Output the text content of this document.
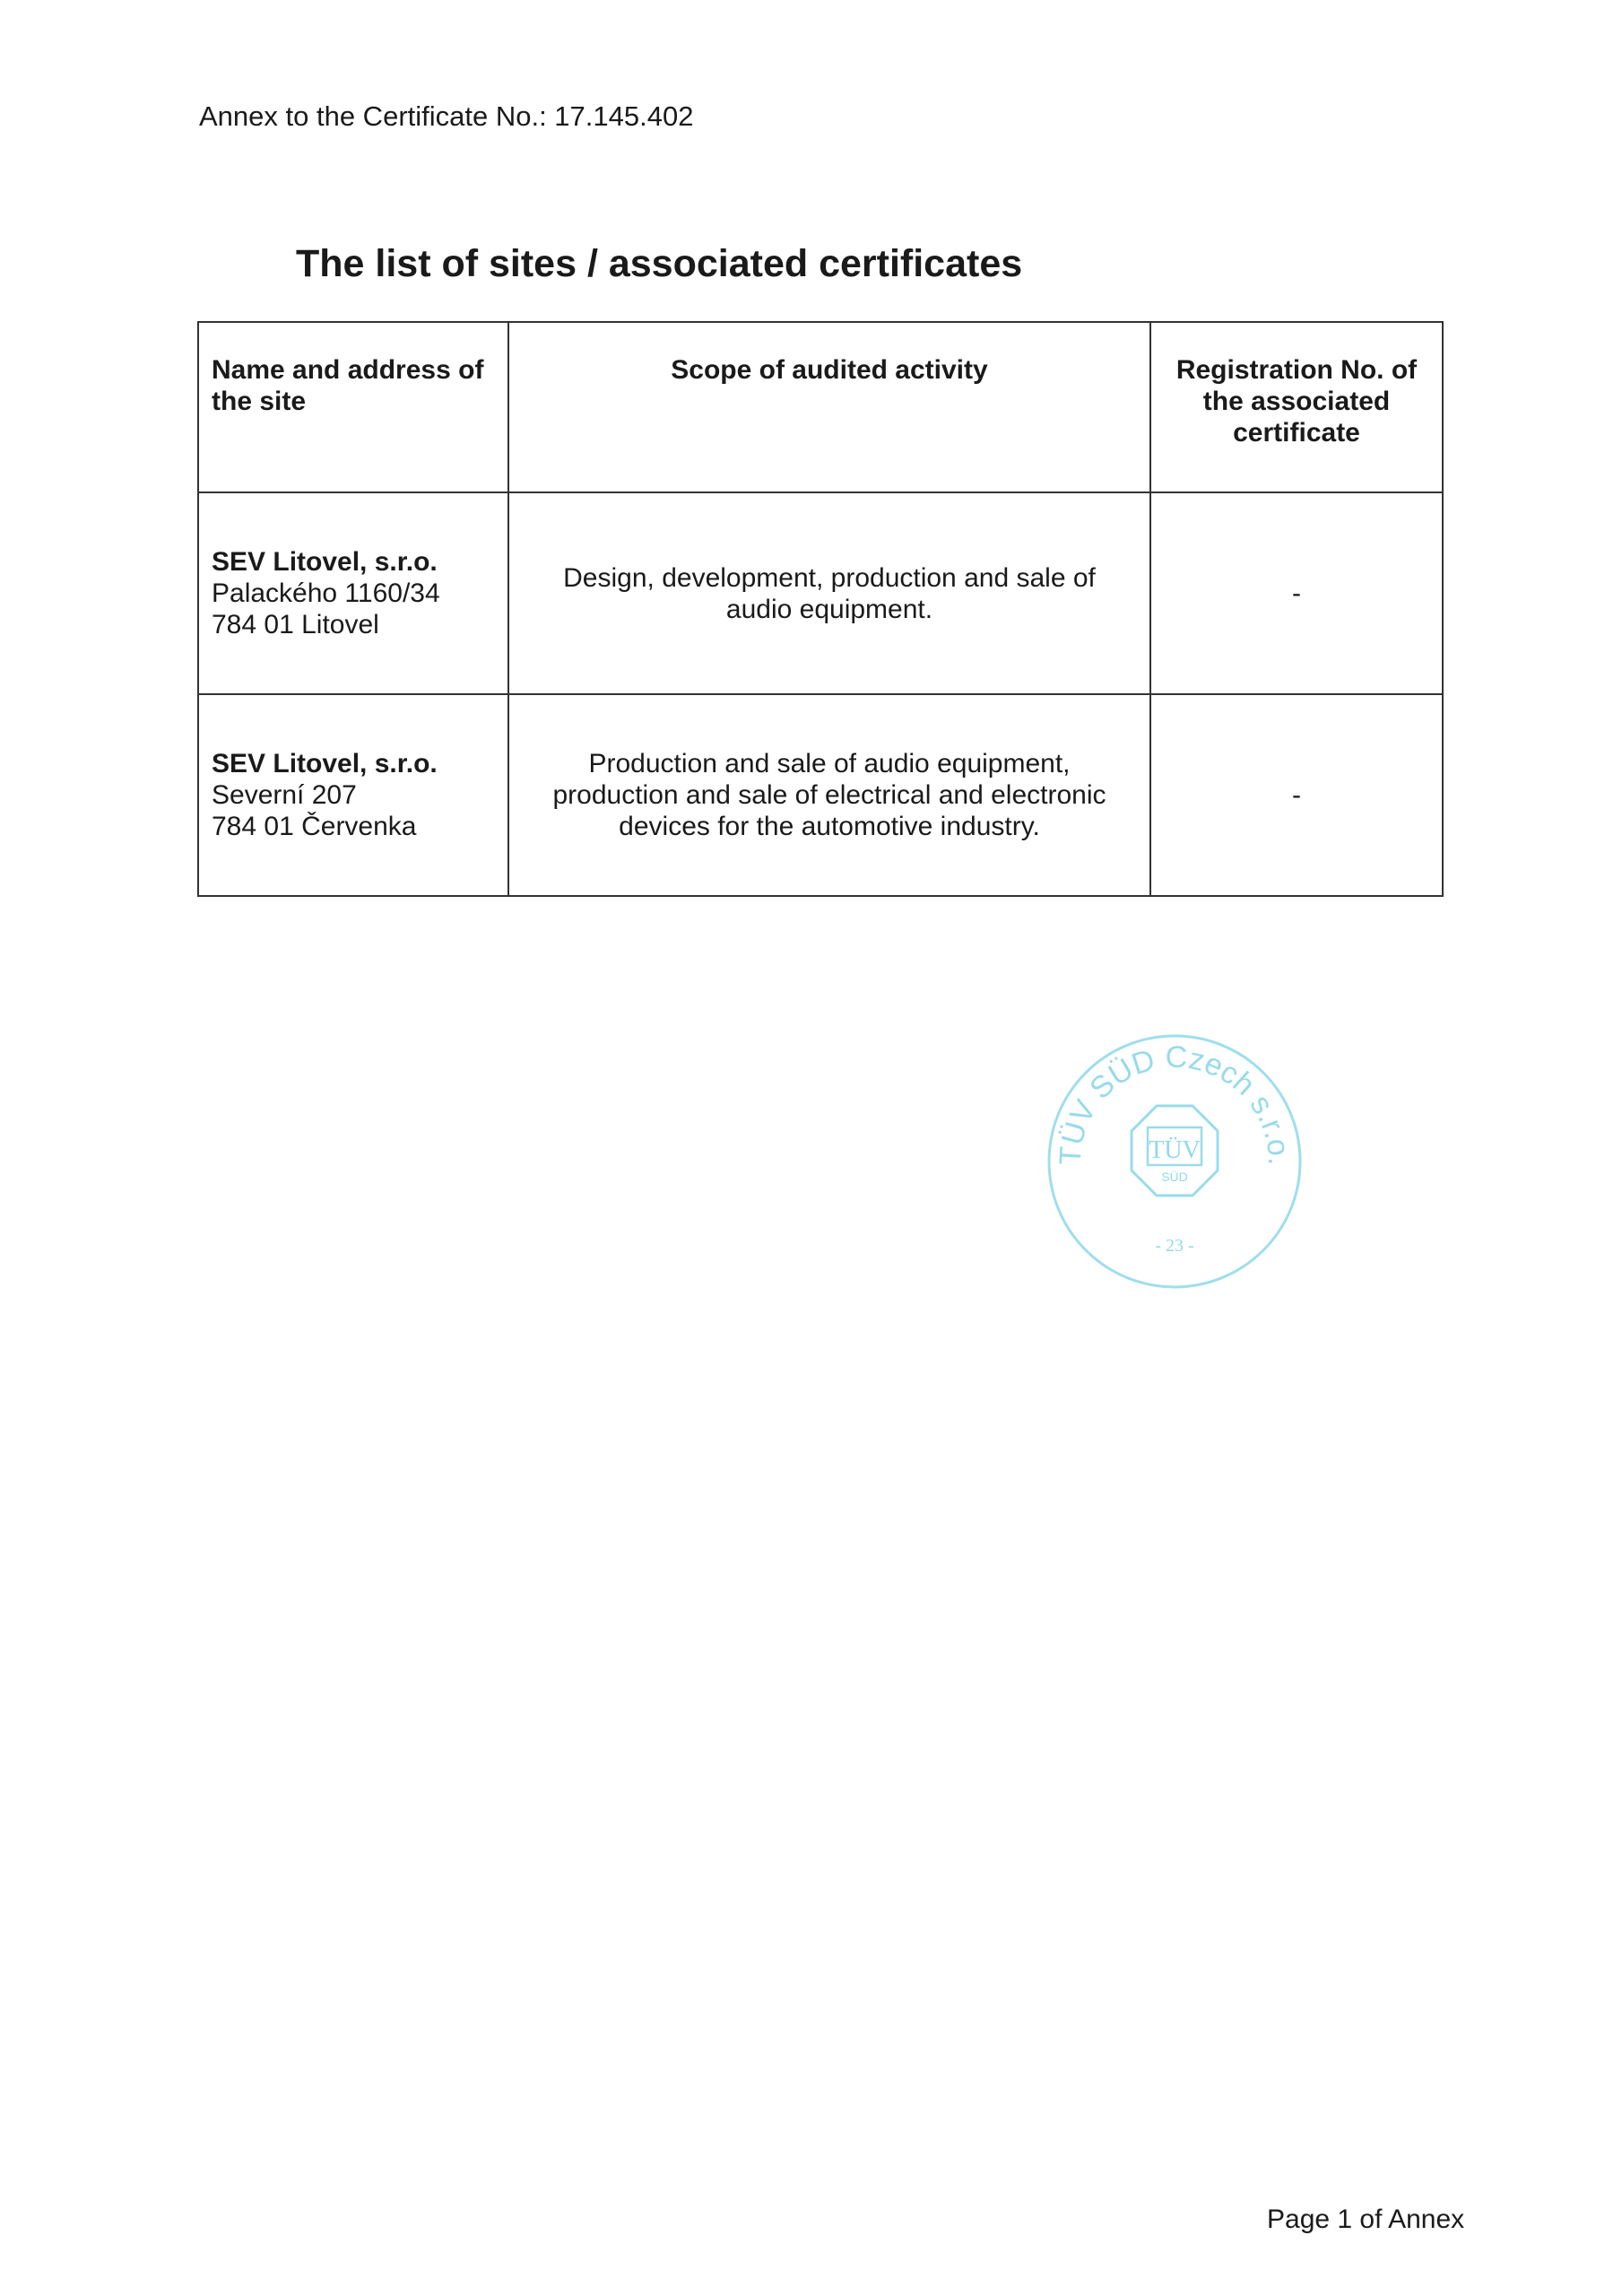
Annex to the Certificate No.: 17.145.402
The list of sites / associated certificates
Name and address of the site	Scope of audited activity	Registration No. of the associated certificate

SEV Litovel, s.r.o.
Palackého 1160/34
784 01 Litovel	Design, development, production and sale of audio equipment.	-

SEV Litovel, s.r.o.
Severní 207
784 01 Červenka	Production and sale of audio equipment, production and sale of electrical and electronic devices for the automotive industry.	-
TÜV SÜD Czech s.r.o.
TÜV
SÜD
- 23 -
Page 1 of Annex
